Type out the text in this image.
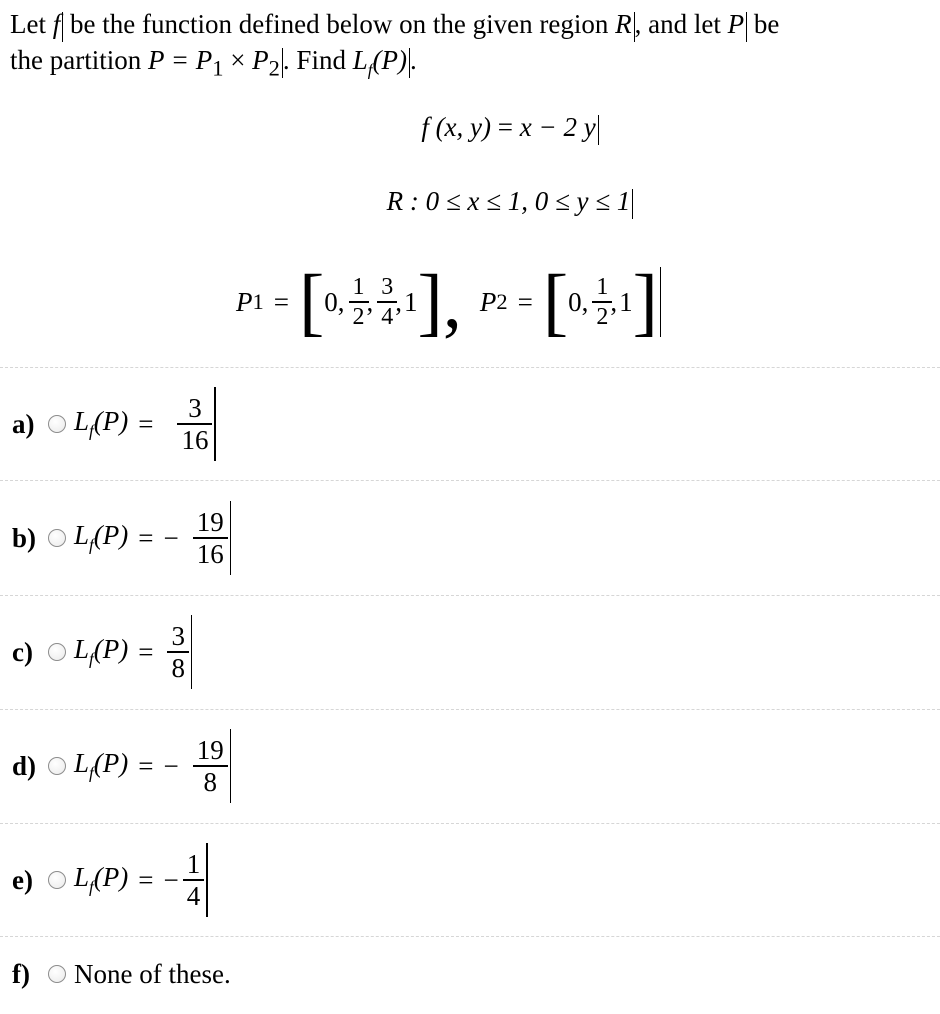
Let f be the function defined below on the given region R , and let P be
the partition $P = P_1 \times P_2$ . Find $L_f(P)$ .
f (x, y) = x − 2 y
R : 0 ≤ x ≤ 1, 0 ≤ y ≤ 1
P 1 = [ 0, 1
2
, 3
4
, 1 ], P 2 = [ 0, 1
2
, 1 ]
a)	$L_f(P) = \frac{3}{16}$
b)	$L_f(P)$ = − $\frac{19}{16}$
c)	$L_f(P) = \frac{3}{8}$
d)	$L_f(P)$ = − $\frac{19}{8}$
e)	$L_f(P)$ = − $\frac{1}{4}$
f)	None of these.
